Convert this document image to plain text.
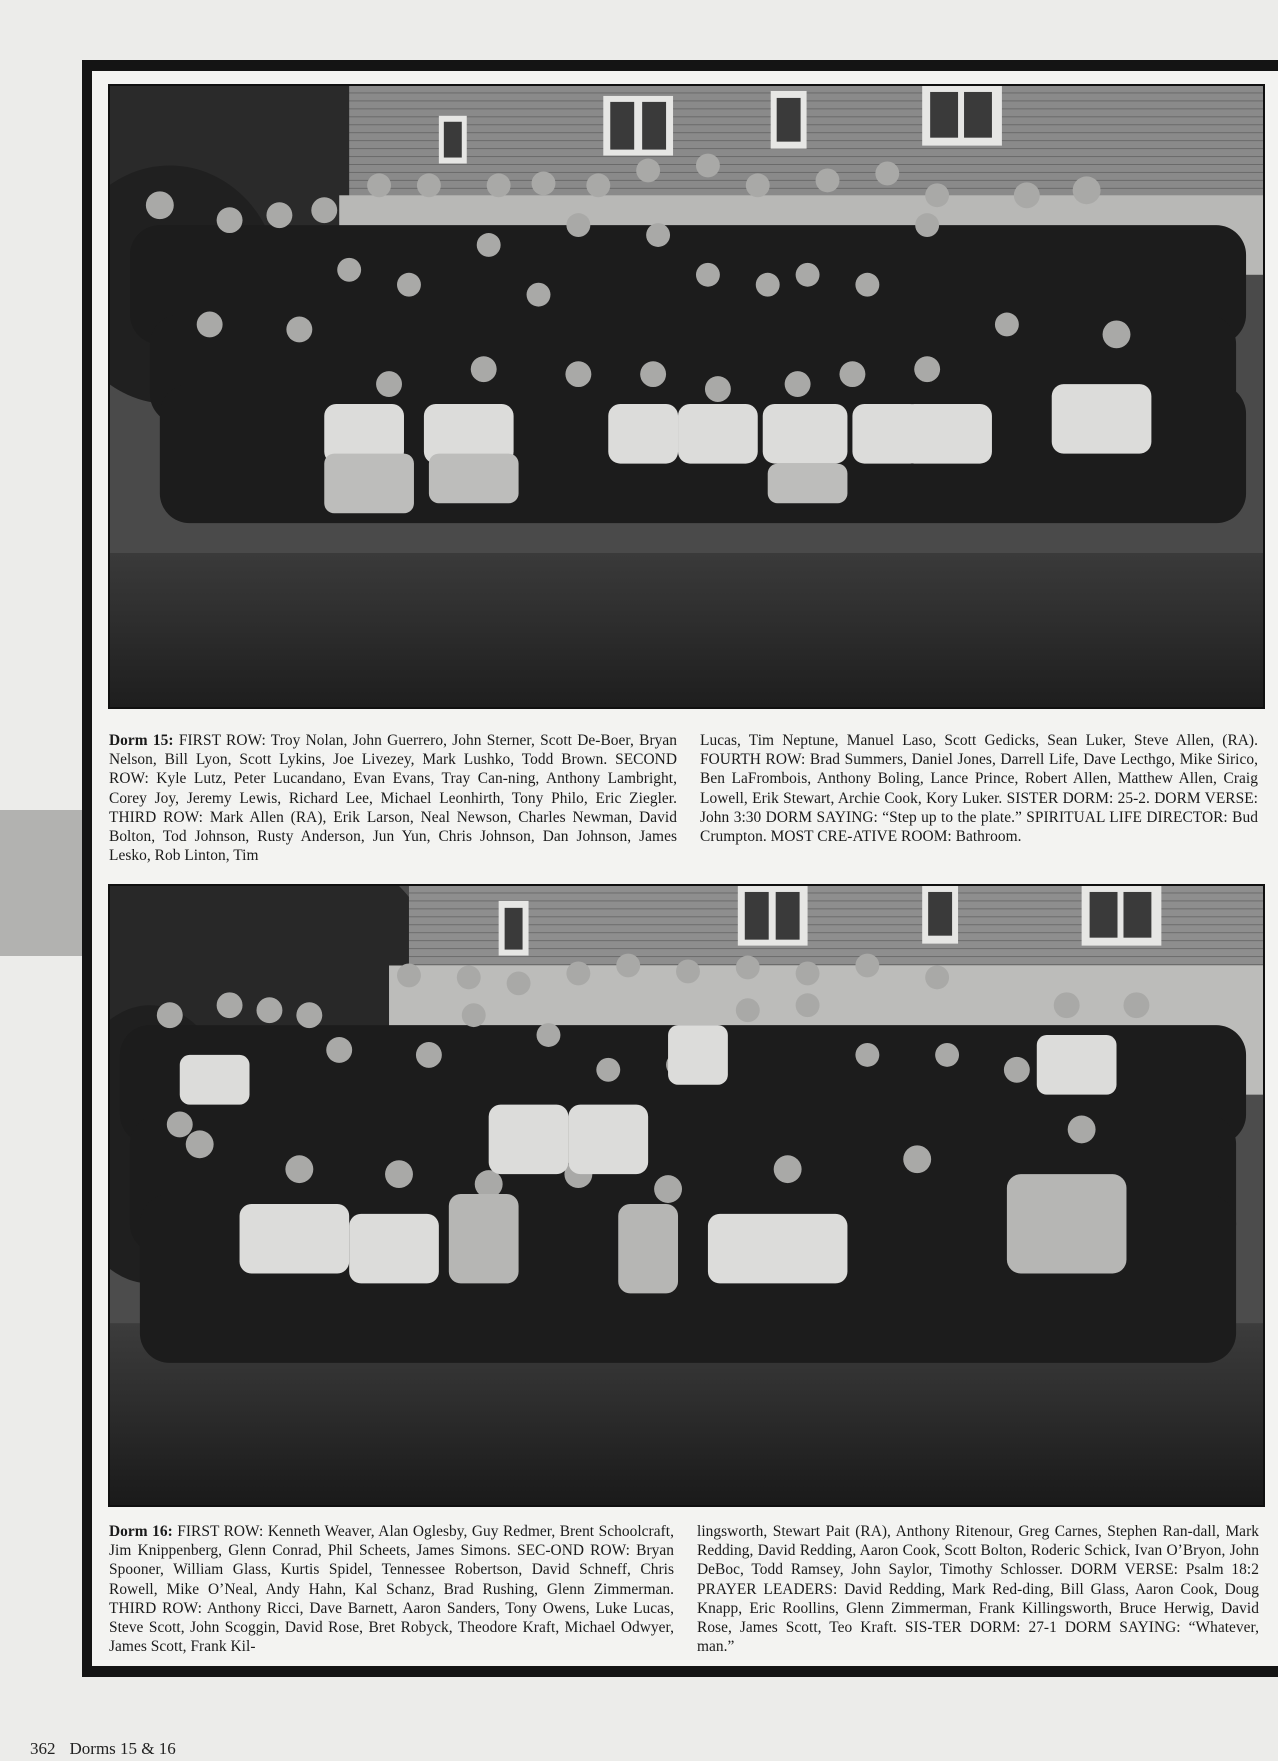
Dorm 15: FIRST ROW: Troy Nolan, John Guerrero, John Sterner, Scott De-Boer, Bryan Nelson, Bill Lyon, Scott Lykins, Joe Livezey, Mark Lushko, Todd Brown. SECOND ROW: Kyle Lutz, Peter Lucandano, Evan Evans, Tray Can-ning, Anthony Lambright, Corey Joy, Jeremy Lewis, Richard Lee, Michael Leonhirth, Tony Philo, Eric Ziegler. THIRD ROW: Mark Allen (RA), Erik Larson, Neal Newson, Charles Newman, David Bolton, Tod Johnson, Rusty Anderson, Jun Yun, Chris Johnson, Dan Johnson, James Lesko, Rob Linton, Tim
Lucas, Tim Neptune, Manuel Laso, Scott Gedicks, Sean Luker, Steve Allen, (RA). FOURTH ROW: Brad Summers, Daniel Jones, Darrell Life, Dave Lecthgo, Mike Sirico, Ben LaFrombois, Anthony Boling, Lance Prince, Robert Allen, Matthew Allen, Craig Lowell, Erik Stewart, Archie Cook, Kory Luker. SISTER DORM: 25-2. DORM VERSE: John 3:30 DORM SAYING: “Step up to the plate.” SPIRITUAL LIFE DIRECTOR: Bud Crumpton. MOST CRE-ATIVE ROOM: Bathroom.
Dorm 16: FIRST ROW: Kenneth Weaver, Alan Oglesby, Guy Redmer, Brent Schoolcraft, Jim Knippenberg, Glenn Conrad, Phil Scheets, James Simons. SEC-OND ROW: Bryan Spooner, William Glass, Kurtis Spidel, Tennessee Robertson, David Schneff, Chris Rowell, Mike O’Neal, Andy Hahn, Kal Schanz, Brad Rushing, Glenn Zimmerman. THIRD ROW: Anthony Ricci, Dave Barnett, Aaron Sanders, Tony Owens, Luke Lucas, Steve Scott, John Scoggin, David Rose, Bret Robyck, Theodore Kraft, Michael Odwyer, James Scott, Frank Kil-
lingsworth, Stewart Pait (RA), Anthony Ritenour, Greg Carnes, Stephen Ran-dall, Mark Redding, David Redding, Aaron Cook, Scott Bolton, Roderic Schick, Ivan O’Bryon, John DeBoc, Todd Ramsey, John Saylor, Timothy Schlosser. DORM VERSE: Psalm 18:2 PRAYER LEADERS: David Redding, Mark Red-ding, Bill Glass, Aaron Cook, Doug Knapp, Eric Roollins, Glenn Zimmerman, Frank Killingsworth, Bruce Herwig, David Rose, James Scott, Teo Kraft. SIS-TER DORM: 27-1 DORM SAYING: “Whatever, man.”
362 Dorms 15 & 16
